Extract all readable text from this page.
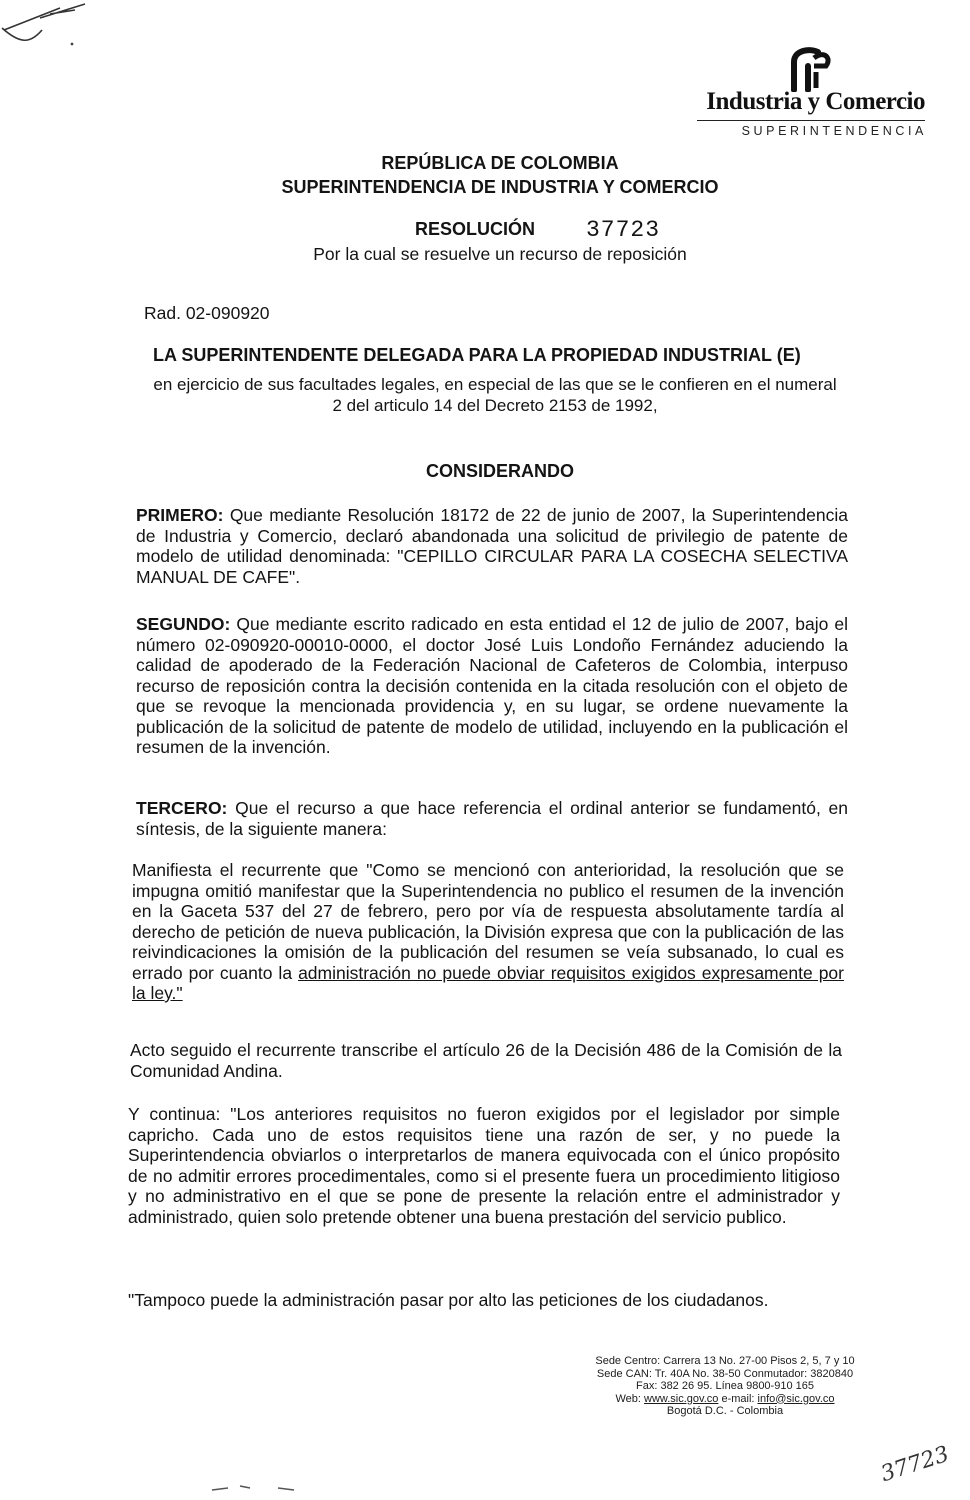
Industria y Comercio
SUPERINTENDENCIA
REPÚBLICA DE COLOMBIA
SUPERINTENDENCIA DE INDUSTRIA Y COMERCIO
RESOLUCIÓN 37723
Por la cual se resuelve un recurso de reposición
Rad. 02-090920
LA SUPERINTENDENTE DELEGADA PARA LA PROPIEDAD INDUSTRIAL (E)
en ejercicio de sus facultades legales, en especial de las que se le confieren en el numeral 2 del articulo 14 del Decreto 2153 de 1992,
CONSIDERANDO
PRIMERO: Que mediante Resolución 18172 de 22 de junio de 2007, la Superintendencia de Industria y Comercio, declaró abandonada una solicitud de privilegio de patente de modelo de utilidad denominada: "CEPILLO CIRCULAR PARA LA COSECHA SELECTIVA MANUAL DE CAFE".
SEGUNDO: Que mediante escrito radicado en esta entidad el 12 de julio de 2007, bajo el número 02-090920-00010-0000, el doctor José Luis Londoño Fernández aduciendo la calidad de apoderado de la Federación Nacional de Cafeteros de Colombia, interpuso recurso de reposición contra la decisión contenida en la citada resolución con el objeto de que se revoque la mencionada providencia y, en su lugar, se ordene nuevamente la publicación de la solicitud de patente de modelo de utilidad, incluyendo en la publicación el resumen de la invención.
TERCERO: Que el recurso a que hace referencia el ordinal anterior se fundamentó, en síntesis, de la siguiente manera:
Manifiesta el recurrente que "Como se mencionó con anterioridad, la resolución que se impugna omitió manifestar que la Superintendencia no publico el resumen de la invención en la Gaceta 537 del 27 de febrero, pero por vía de respuesta absolutamente tardía al derecho de petición de nueva publicación, la División expresa que con la publicación de las reivindicaciones la omisión de la publicación del resumen se veía subsanado, lo cual es errado por cuanto la administración no puede obviar requisitos exigidos expresamente por la ley."
Acto seguido el recurrente transcribe el artículo 26 de la Decisión 486 de la Comisión de la Comunidad Andina.
Y continua: "Los anteriores requisitos no fueron exigidos por el legislador por simple capricho. Cada uno de estos requisitos tiene una razón de ser, y no puede la Superintendencia obviarlos o interpretarlos de manera equivocada con el único propósito de no admitir errores procedimentales, como si el presente fuera un procedimiento litigioso y no administrativo en el que se pone de presente la relación entre el administrador y administrado, quien solo pretende obtener una buena prestación del servicio publico.
"Tampoco puede la administración pasar por alto las peticiones de los ciudadanos.
Sede Centro: Carrera 13 No. 27-00 Pisos 2, 5, 7 y 10
Sede CAN: Tr. 40A No. 38-50 Conmutador: 3820840
Fax: 382 26 95. Línea 9800-910 165
Web: www.sic.gov.co e-mail: info@sic.gov.co
Bogotá D.C. - Colombia
37723
